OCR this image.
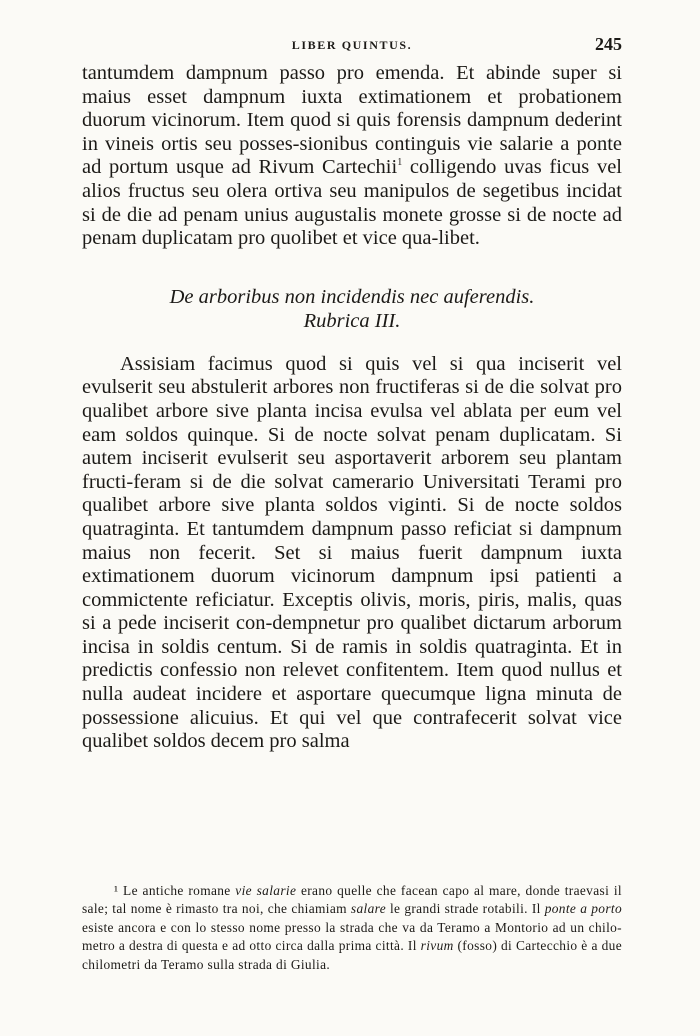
LIBER QUINTUS.	245

tantumdem dampnum passo pro emenda. Et abinde super si maius esset dampnum iuxta extimationem et probationem duorum vicinorum. Item quod si quis forensis dampnum dederint in vineis ortis seu posses-sionibus continguis vie salarie a ponte ad portum usque ad Rivum Cartechii$^1$ colligendo uvas ficus vel alios fructus seu olera ortiva seu manipulos de segetibus incidat si de die ad penam unius augustalis monete grosse si de nocte ad penam duplicatam pro quolibet et vice qua-libet.

De arboribus non incidendis nec auferendis.
Rubrica III.

Assisiam facimus quod si quis vel si qua inciserit vel evulserit seu abstulerit arbores non fructiferas si de die solvat pro qualibet arbore sive planta incisa evulsa vel ablata per eum vel eam soldos quinque. Si de nocte solvat penam duplicatam. Si autem inciserit evulserit seu asportaverit arborem seu plantam fructi-feram si de die solvat camerario Universitati Terami pro qualibet arbore sive planta soldos viginti. Si de nocte soldos quatraginta. Et tantumdem dampnum passo reficiat si dampnum maius non fecerit. Set si maius fuerit dampnum iuxta extimationem duorum vicinorum dampnum ipsi patienti a commictente reficiatur. Exceptis olivis, moris, piris, malis, quas si a pede inciserit con-dempnetur pro qualibet dictarum arborum incisa in soldis centum. Si de ramis in soldis quatraginta. Et in predictis confessio non relevet confitentem. Item quod nullus et nulla audeat incidere et asportare quecumque ligna minuta de possessione alicuius. Et qui vel que contrafecerit solvat vice qualibet soldos decem pro salma

¹ Le antiche romane vie salarie erano quelle che facean capo al mare, donde traevasi il sale; tal nome è rimasto tra noi, che chiamiam salare le grandi strade rotabili. Il ponte a porto esiste ancora e con lo stesso nome presso la strada che va da Teramo a Montorio ad un chilo-metro a destra di questa e ad otto circa dalla prima città. Il rivum (fosso) di Cartecchio è a due chilometri da Teramo sulla strada di Giulia.
